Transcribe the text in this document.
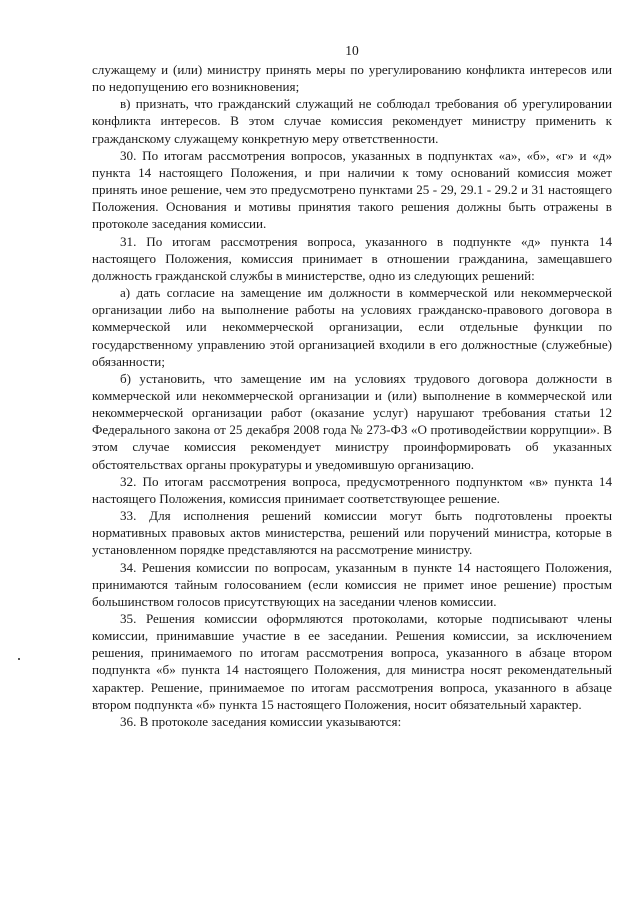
10

служащему и (или) министру принять меры по урегулированию конфликта интересов или по недопущению его возникновения;

в) признать, что гражданский служащий не соблюдал требования об урегулировании конфликта интересов. В этом случае комиссия рекомендует министру применить к гражданскому служащему конкретную меру ответственности.

30. По итогам рассмотрения вопросов, указанных в подпунктах «а», «б», «г» и «д» пункта 14 настоящего Положения, и при наличии к тому оснований комиссия может принять иное решение, чем это предусмотрено пунктами 25 - 29, 29.1 - 29.2 и 31 настоящего Положения. Основания и мотивы принятия такого решения должны быть отражены в протоколе заседания комиссии.

31. По итогам рассмотрения вопроса, указанного в подпункте «д» пункта 14 настоящего Положения, комиссия принимает в отношении гражданина, замещавшего должность гражданской службы в министерстве, одно из следующих решений:

а) дать согласие на замещение им должности в коммерческой или некоммерческой организации либо на выполнение работы на условиях гражданско-правового договора в коммерческой или некоммерческой организации, если отдельные функции по государственному управлению этой организацией входили в его должностные (служебные) обязанности;

б) установить, что замещение им на условиях трудового договора должности в коммерческой или некоммерческой организации и (или) выполнение в коммерческой или некоммерческой организации работ (оказание услуг) нарушают требования статьи 12 Федерального закона от 25 декабря 2008 года № 273-ФЗ «О противодействии коррупции». В этом случае комиссия рекомендует министру проинформировать об указанных обстоятельствах органы прокуратуры и уведомившую организацию.

32. По итогам рассмотрения вопроса, предусмотренного подпунктом «в» пункта 14 настоящего Положения, комиссия принимает соответствующее решение.

33. Для исполнения решений комиссии могут быть подготовлены проекты нормативных правовых актов министерства, решений или поручений министра, которые в установленном порядке представляются на рассмотрение министру.

34. Решения комиссии по вопросам, указанным в пункте 14 настоящего Положения, принимаются тайным голосованием (если комиссия не примет иное решение) простым большинством голосов присутствующих на заседании членов комиссии.

35. Решения комиссии оформляются протоколами, которые подписывают члены комиссии, принимавшие участие в ее заседании. Решения комиссии, за исключением решения, принимаемого по итогам рассмотрения вопроса, указанного в абзаце втором подпункта «б» пункта 14 настоящего Положения, для министра носят рекомендательный характер. Решение, принимаемое по итогам рассмотрения вопроса, указанного в абзаце втором подпункта «б» пункта 15 настоящего Положения, носит обязательный характер.

36. В протоколе заседания комиссии указываются:
